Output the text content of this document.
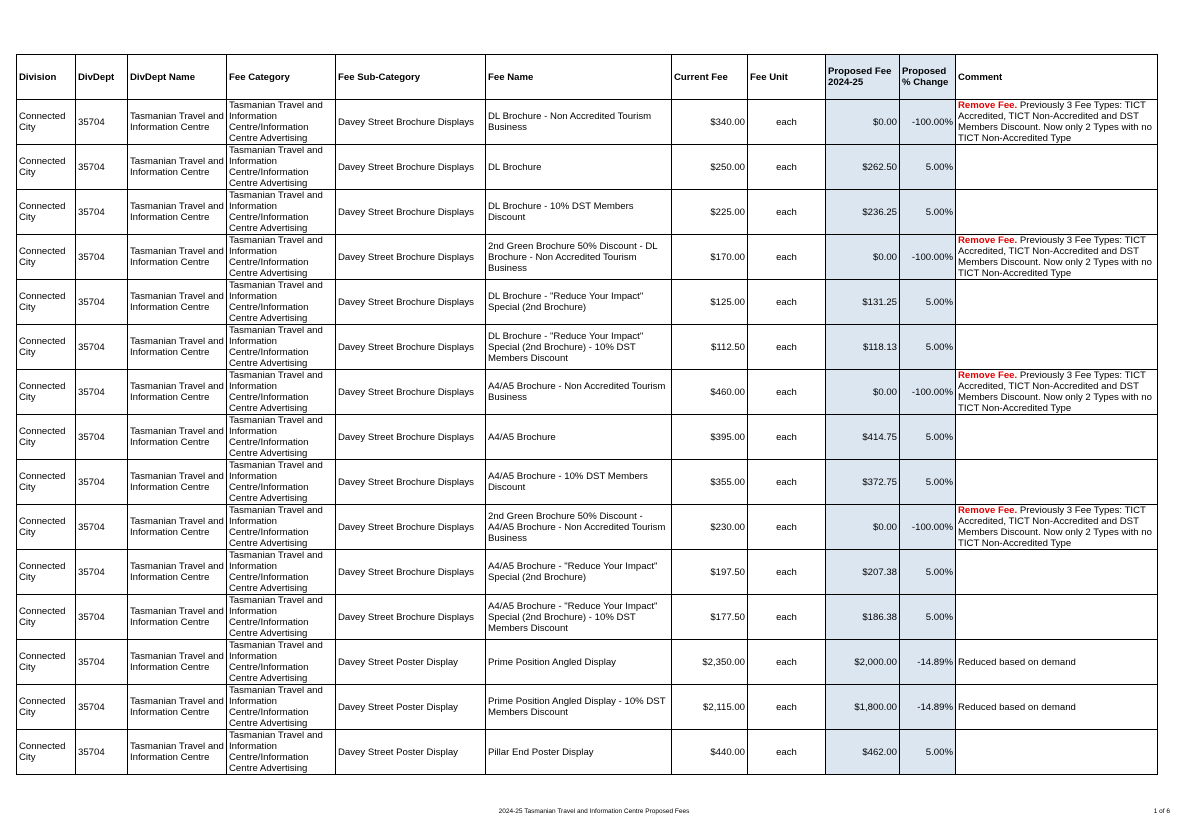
Division	DivDept	DivDept Name	Fee Category	Fee Sub-Category	Fee Name	Current Fee	Fee Unit	Proposed Fee 2024-25	Proposed % Change	Comment
Connected City	35704	Tasmanian Travel and Information Centre	Tasmanian Travel and Information Centre/Information Centre Advertising	Davey Street Brochure Displays	DL Brochure - Non Accredited Tourism Business	$340.00	each	$0.00	-100.00%	Remove Fee. Previously 3 Fee Types: TICT Accredited, TICT Non-Accredited and DST Members Discount. Now only 2 Types with no TICT Non-Accredited Type
Connected City	35704	Tasmanian Travel and Information Centre	Tasmanian Travel and Information Centre/Information Centre Advertising	Davey Street Brochure Displays	DL Brochure	$250.00	each	$262.50	5.00%	
Connected City	35704	Tasmanian Travel and Information Centre	Tasmanian Travel and Information Centre/Information Centre Advertising	Davey Street Brochure Displays	DL Brochure - 10% DST Members Discount	$225.00	each	$236.25	5.00%	
Connected City	35704	Tasmanian Travel and Information Centre	Tasmanian Travel and Information Centre/Information Centre Advertising	Davey Street Brochure Displays	2nd Green Brochure 50% Discount - DL Brochure - Non Accredited Tourism Business	$170.00	each	$0.00	-100.00%	Remove Fee. Previously 3 Fee Types: TICT Accredited, TICT Non-Accredited and DST Members Discount. Now only 2 Types with no TICT Non-Accredited Type
Connected City	35704	Tasmanian Travel and Information Centre	Tasmanian Travel and Information Centre/Information Centre Advertising	Davey Street Brochure Displays	DL Brochure - "Reduce Your Impact" Special (2nd Brochure)	$125.00	each	$131.25	5.00%	
Connected City	35704	Tasmanian Travel and Information Centre	Tasmanian Travel and Information Centre/Information Centre Advertising	Davey Street Brochure Displays	DL Brochure - "Reduce Your Impact" Special (2nd Brochure) - 10% DST Members Discount	$112.50	each	$118.13	5.00%	
Connected City	35704	Tasmanian Travel and Information Centre	Tasmanian Travel and Information Centre/Information Centre Advertising	Davey Street Brochure Displays	A4/A5 Brochure - Non Accredited Tourism Business	$460.00	each	$0.00	-100.00%	Remove Fee. Previously 3 Fee Types: TICT Accredited, TICT Non-Accredited and DST Members Discount. Now only 2 Types with no TICT Non-Accredited Type
Connected City	35704	Tasmanian Travel and Information Centre	Tasmanian Travel and Information Centre/Information Centre Advertising	Davey Street Brochure Displays	A4/A5 Brochure	$395.00	each	$414.75	5.00%	
Connected City	35704	Tasmanian Travel and Information Centre	Tasmanian Travel and Information Centre/Information Centre Advertising	Davey Street Brochure Displays	A4/A5 Brochure - 10% DST Members Discount	$355.00	each	$372.75	5.00%	
Connected City	35704	Tasmanian Travel and Information Centre	Tasmanian Travel and Information Centre/Information Centre Advertising	Davey Street Brochure Displays	2nd Green Brochure 50% Discount - A4/A5 Brochure - Non Accredited Tourism Business	$230.00	each	$0.00	-100.00%	Remove Fee. Previously 3 Fee Types: TICT Accredited, TICT Non-Accredited and DST Members Discount. Now only 2 Types with no TICT Non-Accredited Type
Connected City	35704	Tasmanian Travel and Information Centre	Tasmanian Travel and Information Centre/Information Centre Advertising	Davey Street Brochure Displays	A4/A5 Brochure - "Reduce Your Impact" Special (2nd Brochure)	$197.50	each	$207.38	5.00%	
Connected City	35704	Tasmanian Travel and Information Centre	Tasmanian Travel and Information Centre/Information Centre Advertising	Davey Street Brochure Displays	A4/A5 Brochure - "Reduce Your Impact" Special (2nd Brochure) - 10% DST Members Discount	$177.50	each	$186.38	5.00%	
Connected City	35704	Tasmanian Travel and Information Centre	Tasmanian Travel and Information Centre/Information Centre Advertising	Davey Street Poster Display	Prime Position Angled Display	$2,350.00	each	$2,000.00	-14.89%	Reduced based on demand
Connected City	35704	Tasmanian Travel and Information Centre	Tasmanian Travel and Information Centre/Information Centre Advertising	Davey Street Poster Display	Prime Position Angled Display - 10% DST Members Discount	$2,115.00	each	$1,800.00	-14.89%	Reduced based on demand
Connected City	35704	Tasmanian Travel and Information Centre	Tasmanian Travel and Information Centre/Information Centre Advertising	Davey Street Poster Display	Pillar End Poster Display	$440.00	each	$462.00	5.00%	
2024-25 Tasmanian Travel and Information Centre Proposed Fees	1 of 6
